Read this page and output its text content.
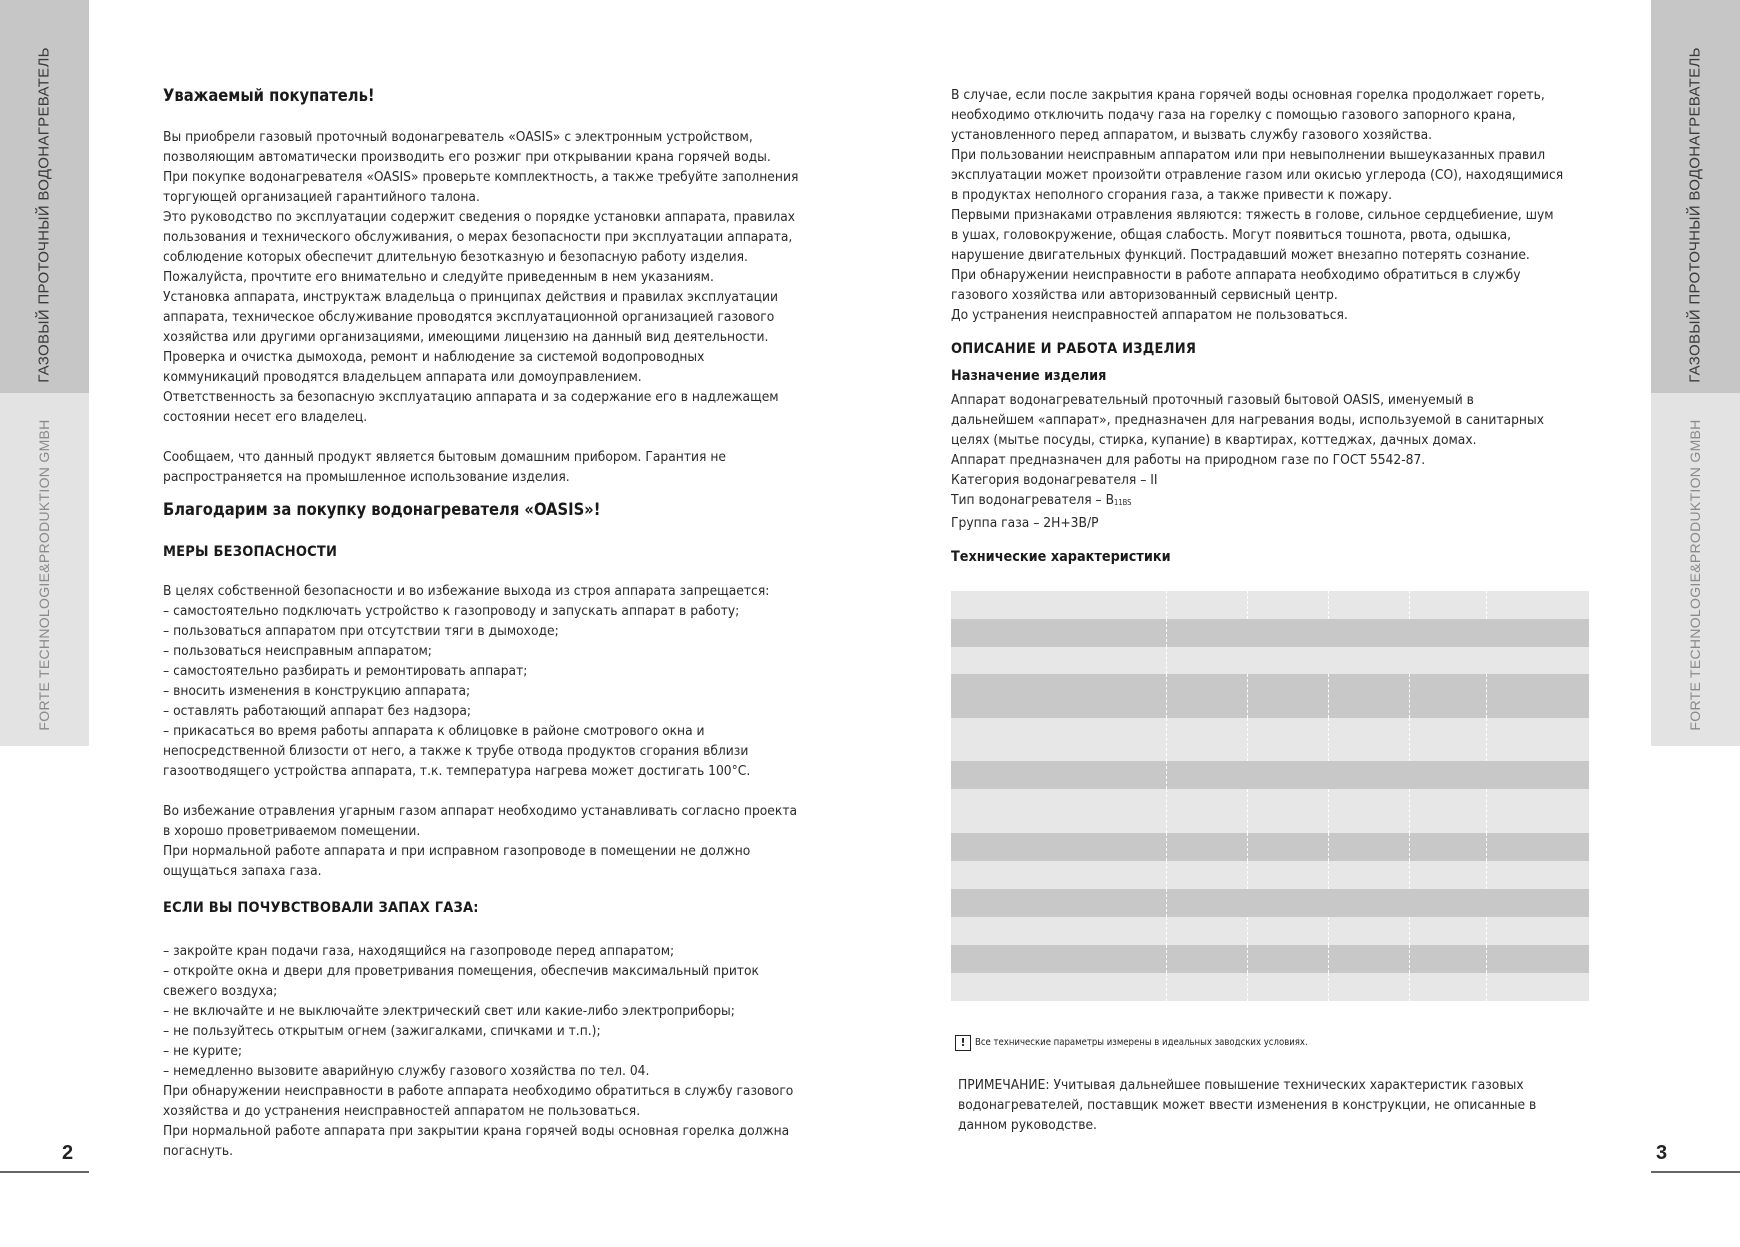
ГАЗОВЫЙ ПРОТОЧНЫЙ ВОДОНАГРЕВАТЕЛЬ
FORTE TECHNOLOGIE&PRODUKTION GMBH
ГАЗОВЫЙ ПРОТОЧНЫЙ ВОДОНАГРЕВАТЕЛЬ
FORTE TECHNOLOGIE&PRODUKTION GMBH
2	3
Уважаемый покупатель!

Вы приобрели газовый проточный водонагреватель «OASIS» с электронным устройством,

позволяющим автоматически производить его розжиг при открывании крана горячей воды.

При покупке водонагревателя «OASIS» проверьте комплектность, а также требуйте заполнения

торгующей организацией гарантийного талона.

Это руководство по эксплуатации содержит сведения о порядке установки аппарата, правилах

пользования и технического обслуживания, о мерах безопасности при эксплуатации аппарата,

соблюдение которых обеспечит длительную безотказную и безопасную работу изделия.

Пожалуйста, прочтите его внимательно и следуйте приведенным в нем указаниям.

Установка аппарата, инструктаж владельца о принципах действия и правилах эксплуатации

аппарата, техническое обслуживание проводятся эксплуатационной организацией газового

хозяйства или другими организациями, имеющими лицензию на данный вид деятельности.

Проверка и очистка дымохода, ремонт и наблюдение за системой водопроводных

коммуникаций проводятся владельцем аппарата или домоуправлением.

Ответственность за безопасную эксплуатацию аппарата и за содержание его в надлежащем

состоянии несет его владелец.

Сообщаем, что данный продукт является бытовым домашним прибором. Гарантия не

распространяется на промышленное использование изделия.

Благодарим за покупку водонагревателя «OASIS»!
МЕРЫ БЕЗОПАСНОСТИ

В целях собственной безопасности и во избежание выхода из строя аппарата запрещается:

– самостоятельно подключать устройство к газопроводу и запускать аппарат в работу;
– пользоваться аппаратом при отсутствии тяги в дымоходе;
– пользоваться неисправным аппаратом;
– самостоятельно разбирать и ремонтировать аппарат;
– вносить изменения в конструкцию аппарата;
– оставлять работающий аппарат без надзора;
– прикасаться во время работы аппарата к облицовке в районе смотрового окна и
непосредственной близости от него, а также к трубе отвода продуктов сгорания вблизи
газоотводящего устройства аппарата, т.к. температура нагрева может достигать 100°С.

Во избежание отравления угарным газом аппарат необходимо устанавливать согласно проекта

в хорошо проветриваемом помещении.

При нормальной работе аппарата и при исправном газопроводе в помещении не должно

ощущаться запаха газа.

ЕСЛИ ВЫ ПОЧУВСТВОВАЛИ ЗАПАХ ГАЗА:
– закройте кран подачи газа, находящийся на газопроводе перед аппаратом;
– откройте окна и двери для проветривания помещения, обеспечив максимальный приток
свежего воздуха;
– не включайте и не выключайте электрический свет или какие-либо электроприборы;
– не пользуйтесь открытым огнем (зажигалками, спичками и т.п.);
– не курите;
– немедленно вызовите аварийную службу газового хозяйства по тел. 04.
При обнаружении неисправности в работе аппарата необходимо обратиться в службу газового
хозяйства и до устранения неисправностей аппаратом не пользоваться.
При нормальной работе аппарата при закрытии крана горячей воды основная горелка должна
погаснуть.

В случае, если после закрытия крана горячей воды основная горелка продолжает гореть,

необходимо отключить подачу газа на горелку с помощью газового запорного крана,

установленного перед аппаратом, и вызвать службу газового хозяйства.

При пользовании неисправным аппаратом или при невыполнении вышеуказанных правил

эксплуатации может произойти отравление газом или окисью углерода (CO), находящимися

в продуктах неполного сгорания газа, а также привести к пожару.

Первыми признаками отравления являются: тяжесть в голове, сильное сердцебиение, шум

в ушах, головокружение, общая слабость. Могут появиться тошнота, рвота, одышка,

нарушение двигательных функций. Пострадавший может внезапно потерять сознание.

При обнаружении неисправности в работе аппарата необходимо обратиться в службу

газового хозяйства или авторизованный сервисный центр.

До устранения неисправностей аппаратом не пользоваться.

ОПИСАНИЕ И РАБОТА ИЗДЕЛИЯ
Назначение изделия

Аппарат водонагревательный проточный газовый бытовой OASIS, именуемый в

дальнейшем «аппарат», предназначен для нагревания воды, используемой в санитарных

целях (мытье посуды, стирка, купание) в квартирах, коттеджах, дачных домах.

Аппарат предназначен для работы на природном газе по ГОСТ 5542-87.

Категория водонагревателя – II

Тип водонагревателя – $B_{11BS}$

Группа газа – 2Н+3В/Р

Технические характеристики

! Все технические параметры измерены в идеальных заводских условиях.

ПРИМЕЧАНИЕ: Учитывая дальнейшее повышение технических характеристик газовых

водонагревателей, поставщик может ввести изменения в конструкции, не описанные в

данном руководстве.
